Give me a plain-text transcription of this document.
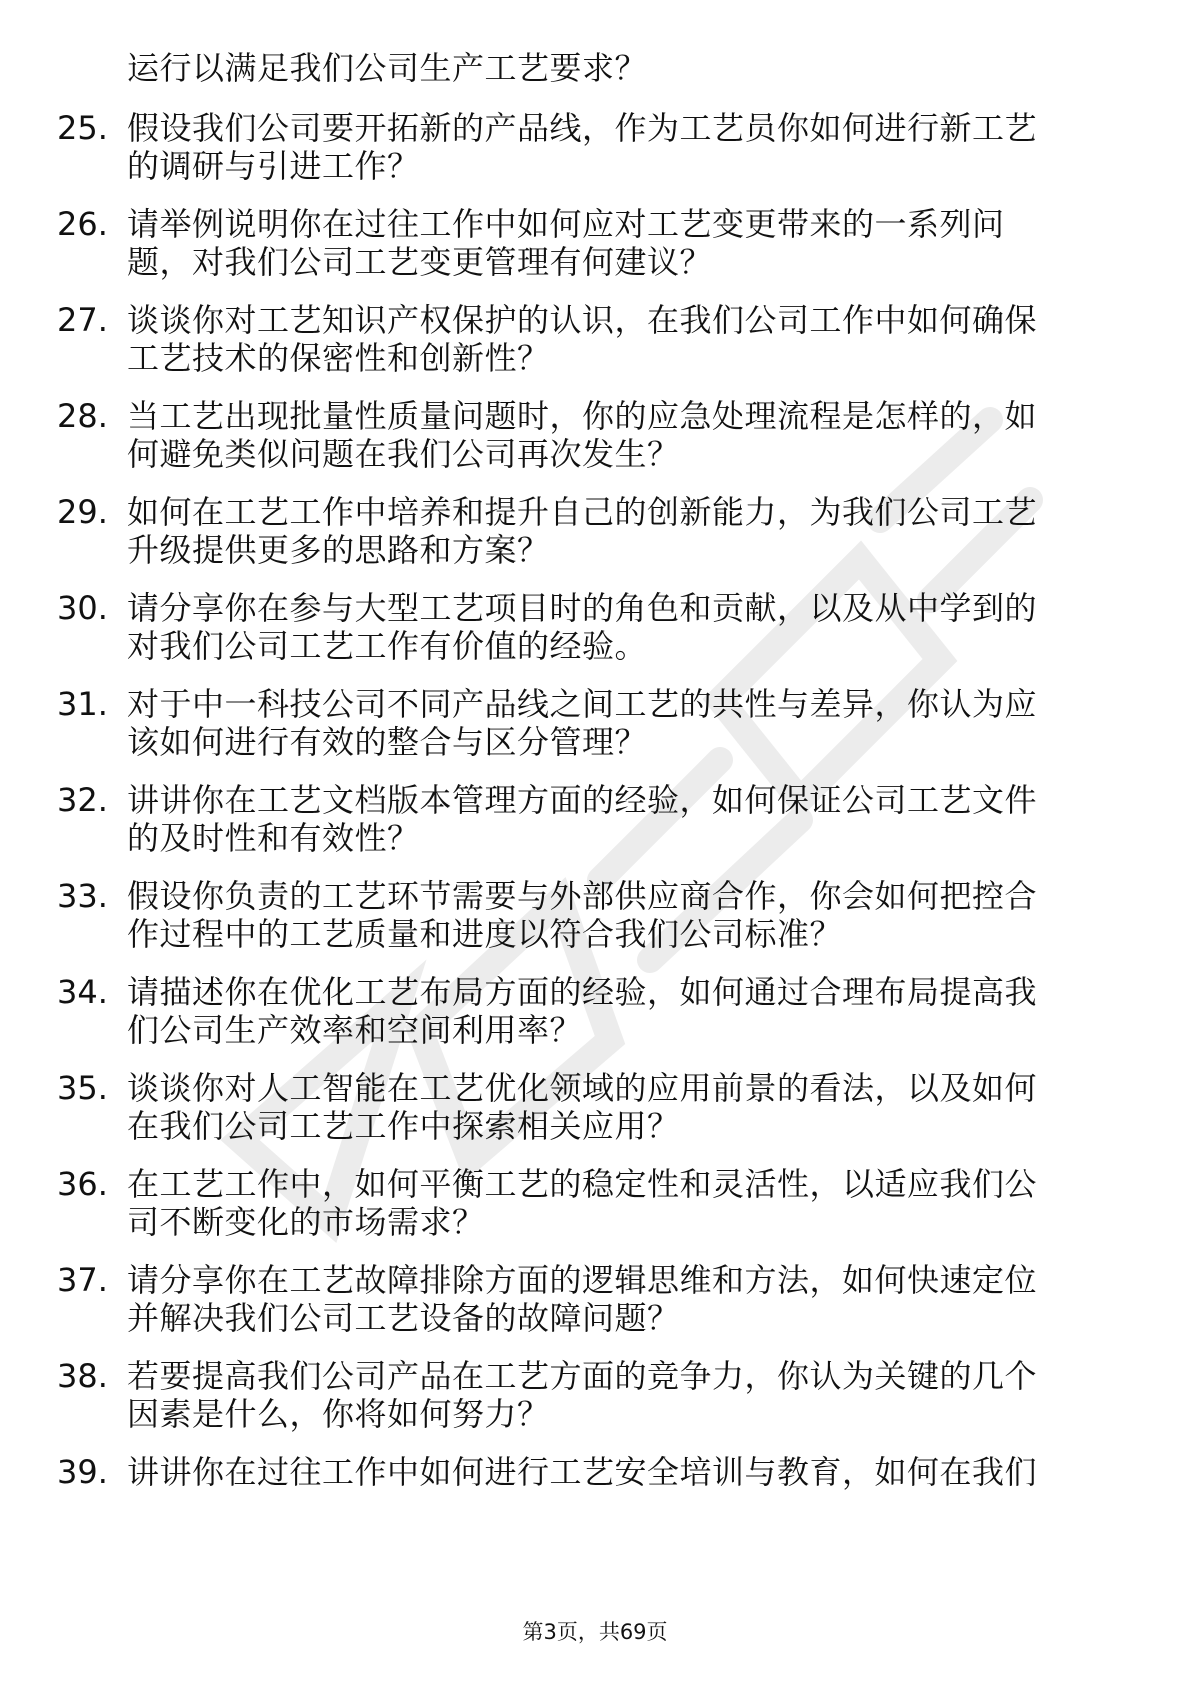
运行以满足我们公司生产工艺要求？
25. 假设我们公司要开拓新的产品线，作为工艺员你如何进行新工艺
的调研与引进工作？
26. 请举例说明你在过往工作中如何应对工艺变更带来的一系列问
题，对我们公司工艺变更管理有何建议？
27. 谈谈你对工艺知识产权保护的认识，在我们公司工作中如何确保
工艺技术的保密性和创新性？
28. 当工艺出现批量性质量问题时，你的应急处理流程是怎样的，如
何避免类似问题在我们公司再次发生？
29. 如何在工艺工作中培养和提升自己的创新能力，为我们公司工艺
升级提供更多的思路和方案？
30. 请分享你在参与大型工艺项目时的角色和贡献，以及从中学到的
对我们公司工艺工作有价值的经验。
31. 对于中一科技公司不同产品线之间工艺的共性与差异，你认为应
该如何进行有效的整合与区分管理？
32. 讲讲你在工艺文档版本管理方面的经验，如何保证公司工艺文件
的及时性和有效性？
33. 假设你负责的工艺环节需要与外部供应商合作，你会如何把控合
作过程中的工艺质量和进度以符合我们公司标准？
34. 请描述你在优化工艺布局方面的经验，如何通过合理布局提高我
们公司生产效率和空间利用率？
35. 谈谈你对人工智能在工艺优化领域的应用前景的看法，以及如何
在我们公司工艺工作中探索相关应用？
36. 在工艺工作中，如何平衡工艺的稳定性和灵活性，以适应我们公
司不断变化的市场需求？
37. 请分享你在工艺故障排除方面的逻辑思维和方法，如何快速定位
并解决我们公司工艺设备的故障问题？
38. 若要提高我们公司产品在工艺方面的竞争力，你认为关键的几个
因素是什么，你将如何努力？
39. 讲讲你在过往工作中如何进行工艺安全培训与教育，如何在我们
第3页，共69页
